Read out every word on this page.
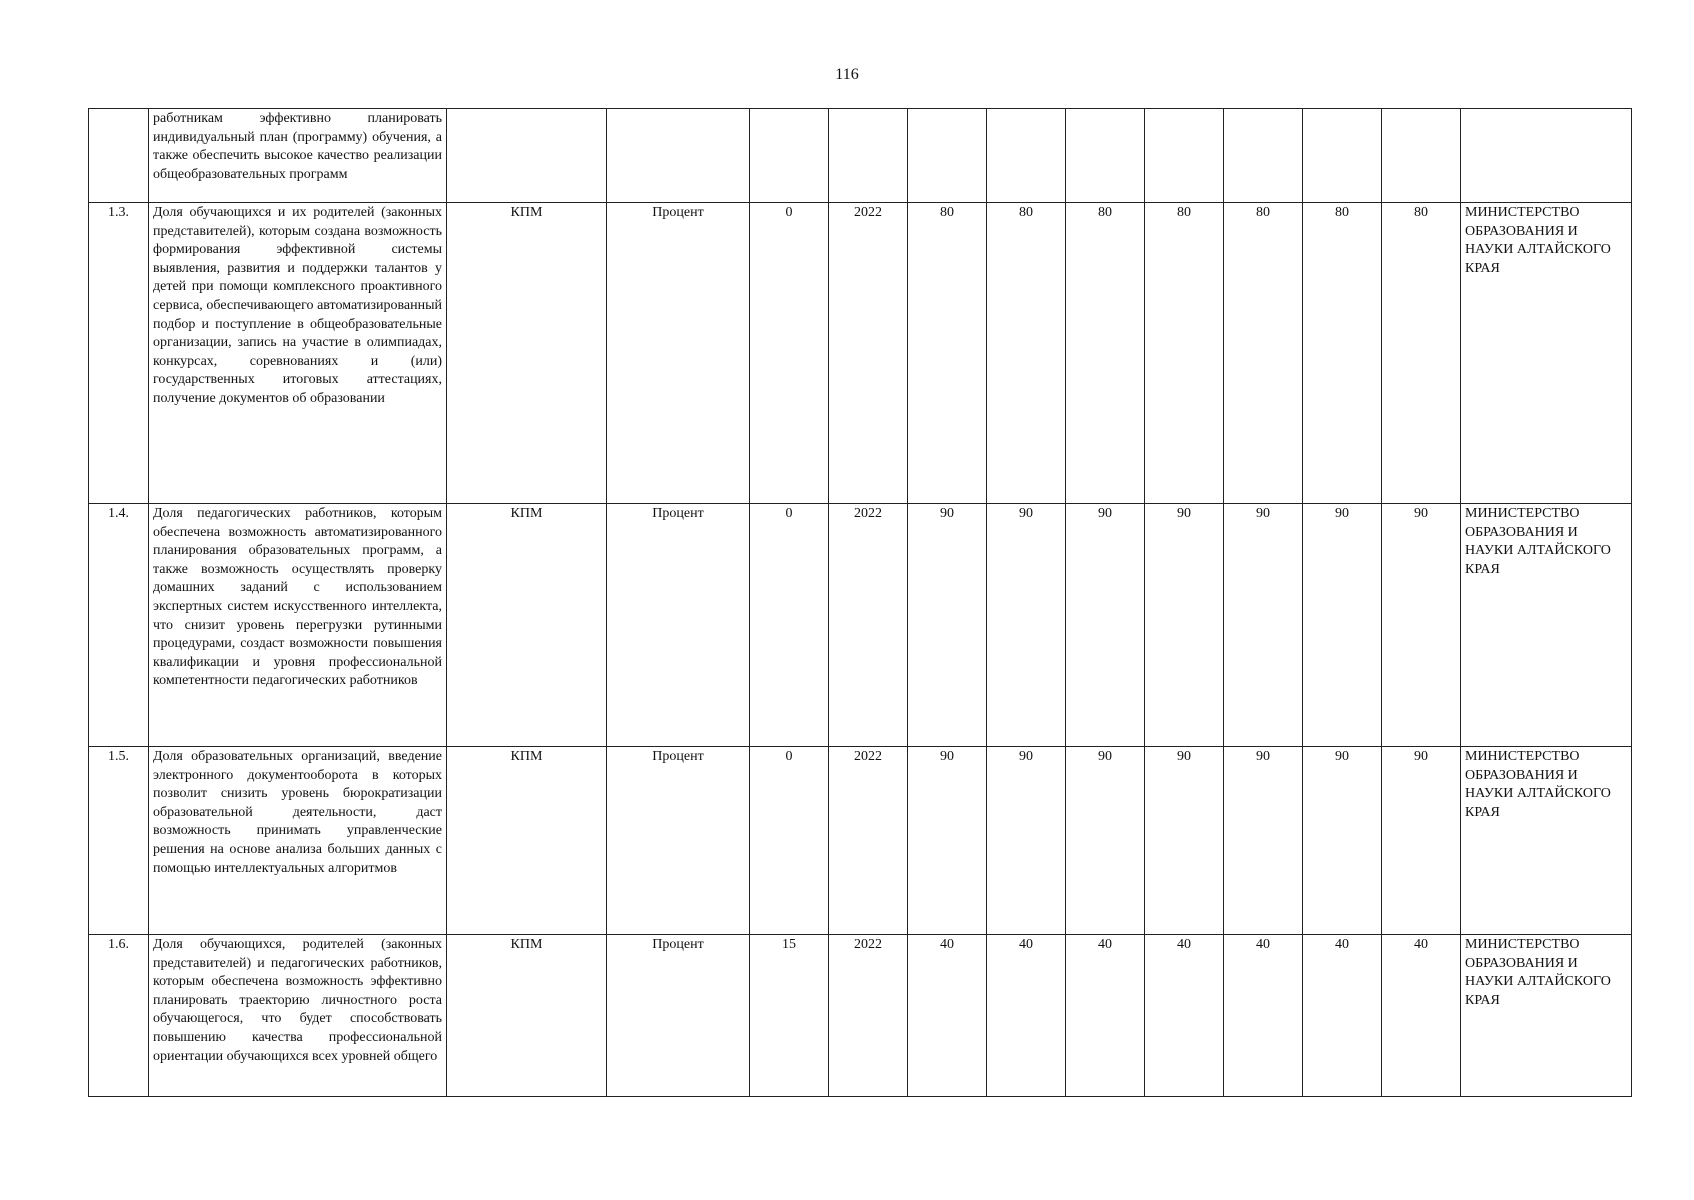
116
	работникам эффективно планировать индивидуальный план (программу) обучения, а также обеспечить высокое качество реализации общеобразовательных программ												
1.3.	Доля обучающихся и их родителей (законных представителей), которым создана возможность формирования эффективной системы выявления, развития и поддержки талантов у детей при помощи комплексного проактивного сервиса, обеспечивающего автоматизированный подбор и поступление в общеобразовательные организации, запись на участие в олимпиадах, конкурсах, соревнованиях и (или) государственных итоговых аттестациях, получение документов об образовании	КПМ	Процент	0	2022	80	80	80	80	80	80	80	МИНИСТЕРСТВО ОБРАЗОВАНИЯ И НАУКИ АЛТАЙСКОГО КРАЯ
1.4.	Доля педагогических работников, которым обеспечена возможность автоматизированного планирования образовательных программ, а также возможность осуществлять проверку домашних заданий с использованием экспертных систем искусственного интеллекта, что снизит уровень перегрузки рутинными процедурами, создаст возможности повышения квалификации и уровня профессиональной компетентности педагогических работников	КПМ	Процент	0	2022	90	90	90	90	90	90	90	МИНИСТЕРСТВО ОБРАЗОВАНИЯ И НАУКИ АЛТАЙСКОГО КРАЯ
1.5.	Доля образовательных организаций, введение электронного документооборота в которых позволит снизить уровень бюрократизации образовательной деятельности, даст возможность принимать управленческие решения на основе анализа больших данных с помощью интеллектуальных алгоритмов	КПМ	Процент	0	2022	90	90	90	90	90	90	90	МИНИСТЕРСТВО ОБРАЗОВАНИЯ И НАУКИ АЛТАЙСКОГО КРАЯ
1.6.	Доля обучающихся, родителей (законных представителей) и педагогических работников, которым обеспечена возможность эффективно планировать траекторию личностного роста обучающегося, что будет способствовать повышению качества профессиональной ориентации обучающихся всех уровней общего	КПМ	Процент	15	2022	40	40	40	40	40	40	40	МИНИСТЕРСТВО ОБРАЗОВАНИЯ И НАУКИ АЛТАЙСКОГО КРАЯ
